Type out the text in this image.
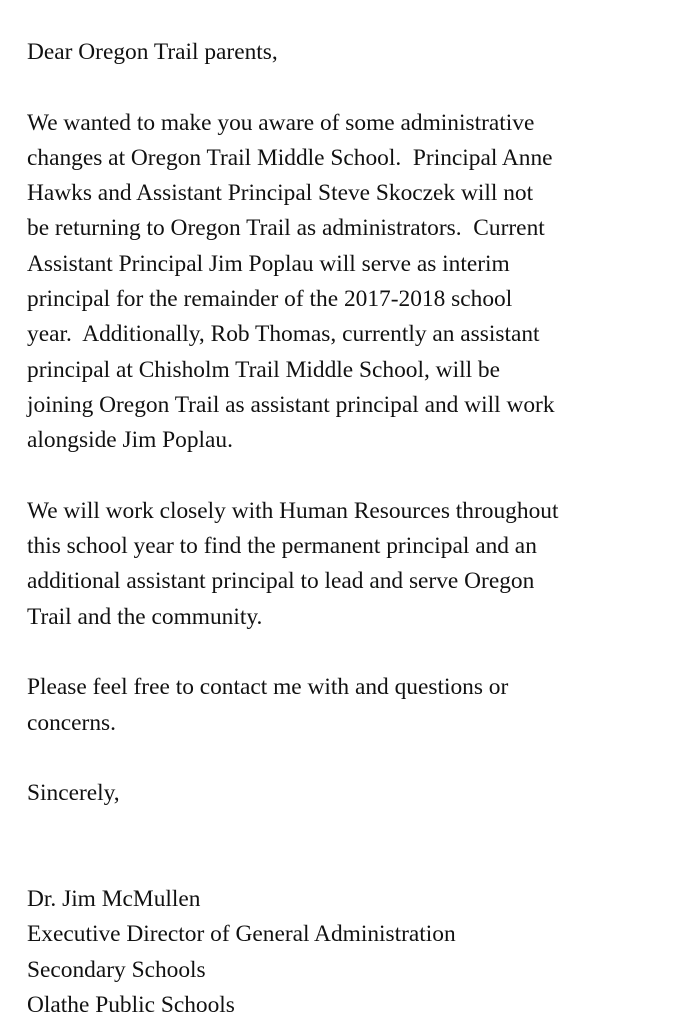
Dear Oregon Trail parents,
We wanted to make you aware of some administrative
changes at Oregon Trail Middle School.  Principal Anne
Hawks and Assistant Principal Steve Skoczek will not
be returning to Oregon Trail as administrators.  Current
Assistant Principal Jim Poplau will serve as interim
principal for the remainder of the 2017-2018 school
year.  Additionally, Rob Thomas, currently an assistant
principal at Chisholm Trail Middle School, will be
joining Oregon Trail as assistant principal and will work
alongside Jim Poplau.
We will work closely with Human Resources throughout
this school year to find the permanent principal and an
additional assistant principal to lead and serve Oregon
Trail and the community.
Please feel free to contact me with and questions or
concerns.
Sincerely,
Dr. Jim McMullen
Executive Director of General Administration
Secondary Schools
Olathe Public Schools
